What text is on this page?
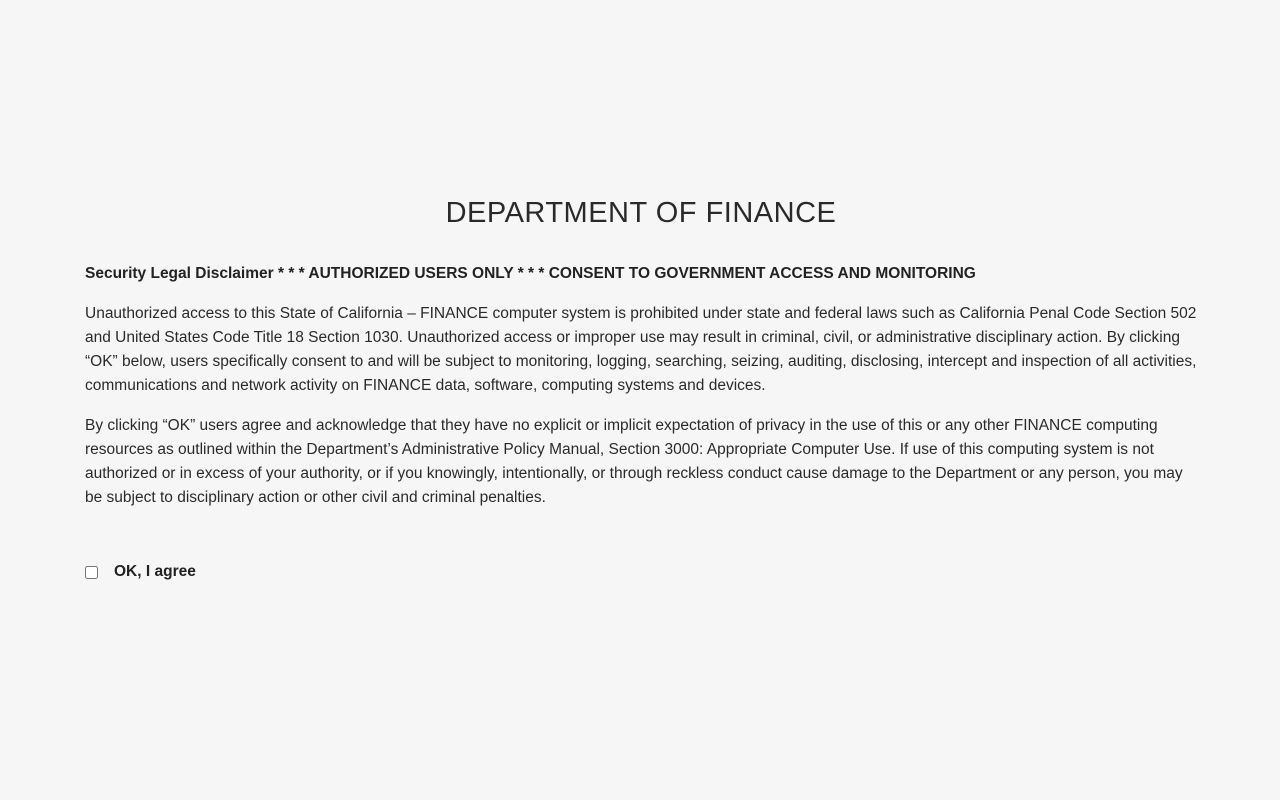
DEPARTMENT OF FINANCE

Security Legal Disclaimer * * * AUTHORIZED USERS ONLY * * * CONSENT TO GOVERNMENT ACCESS AND MONITORING

Unauthorized access to this State of California – FINANCE computer system is prohibited under state and federal laws such as California Penal Code Section 502 and United States Code Title 18 Section 1030. Unauthorized access or improper use may result in criminal, civil, or administrative disciplinary action. By clicking “OK” below, users specifically consent to and will be subject to monitoring, logging, searching, seizing, auditing, disclosing, intercept and inspection of all activities, communications and network activity on FINANCE data, software, computing systems and devices.

By clicking “OK” users agree and acknowledge that they have no explicit or implicit expectation of privacy in the use of this or any other FINANCE computing resources as outlined within the Department’s Administrative Policy Manual, Section 3000: Appropriate Computer Use. If use of this computing system is not authorized or in excess of your authority, or if you knowingly, intentionally, or through reckless conduct cause damage to the Department or any person, you may be subject to disciplinary action or other civil and criminal penalties.

OK, I agree
